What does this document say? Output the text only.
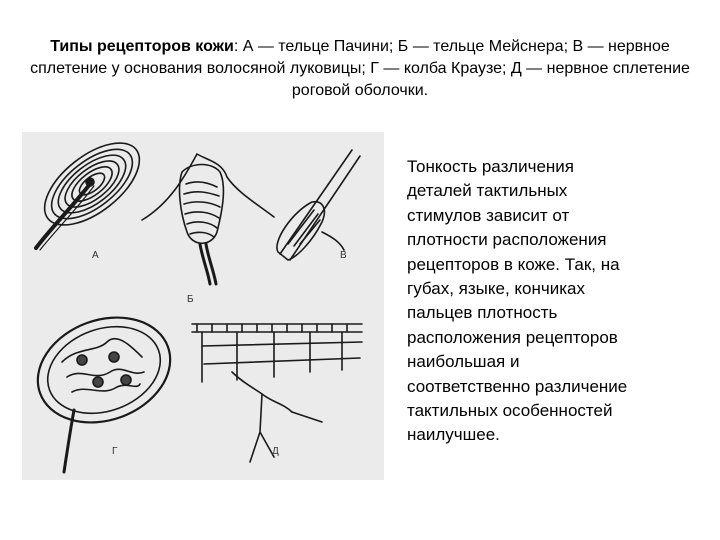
Типы рецепторов кожи: А — тельце Пачини; Б — тельце Мейснера; В — нервное сплетение у основания волосяной луковицы; Г — колба Краузе; Д — нервное сплетение роговой оболочки.
А
Б
В
Г	Д
Тонкость различения
деталей тактильных
стимулов зависит от
плотности расположения
рецепторов в коже. Так, на
губах, языке, кончиках
пальцев плотность
расположения рецепторов
наибольшая и
соответственно различение
тактильных особенностей
наилучшее.
